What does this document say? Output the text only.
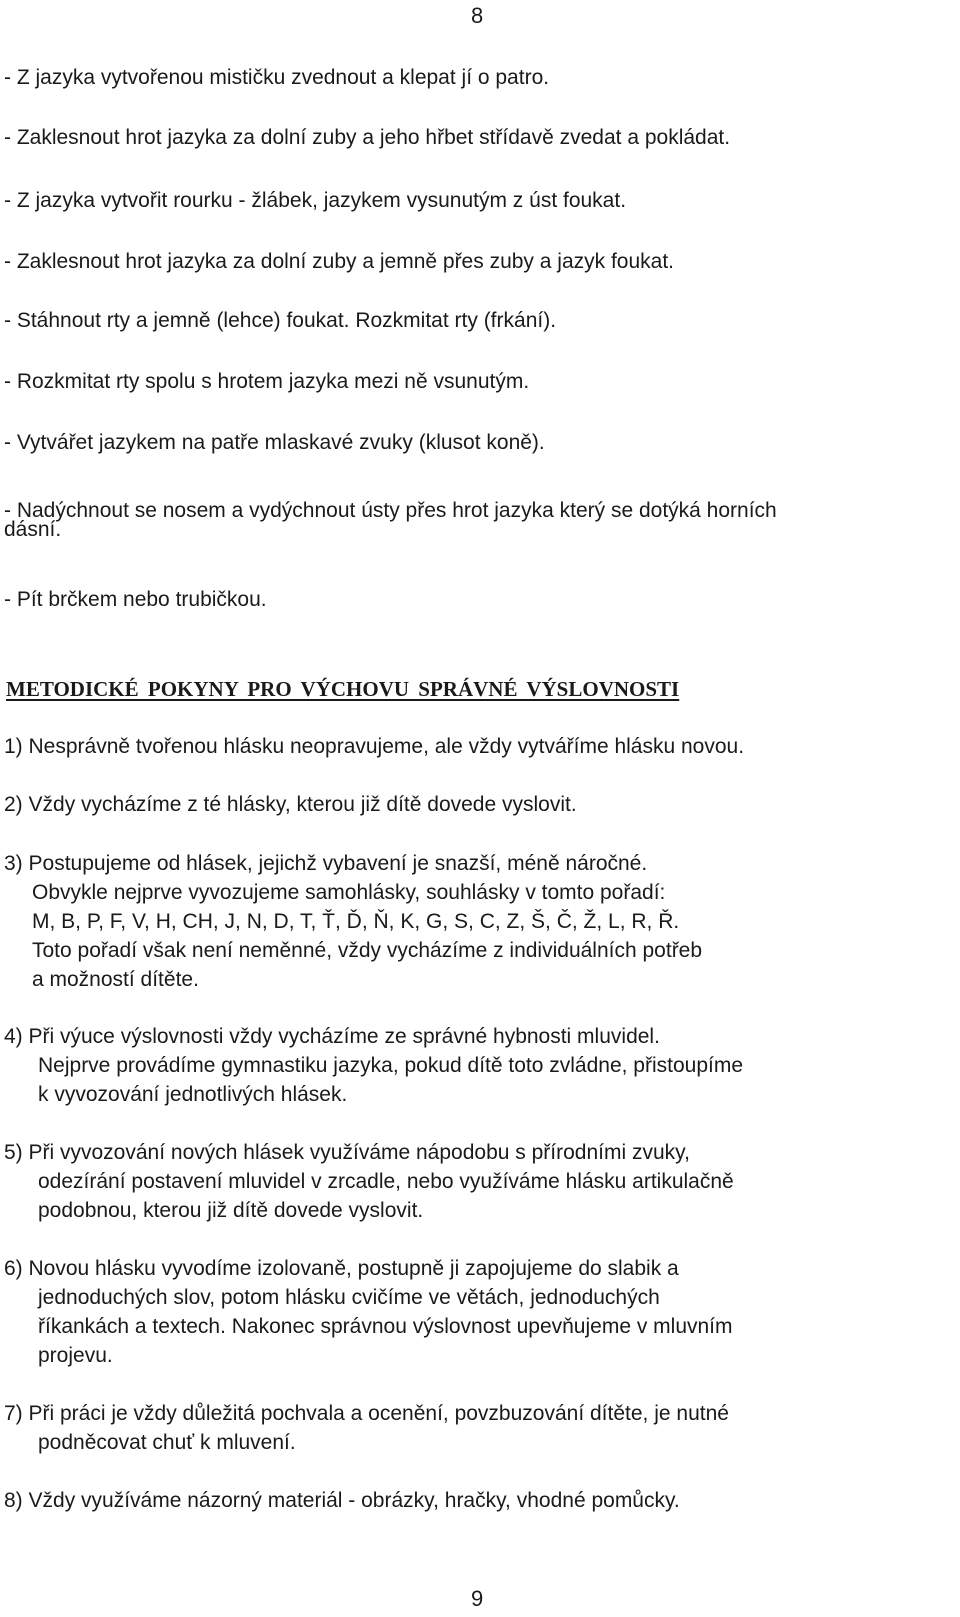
8
- Z jazyka vytvořenou mističku zvednout a klepat jí o patro.
- Zaklesnout hrot jazyka za dolní zuby a jeho hřbet střídavě zvedat a pokládat.
- Z jazyka vytvořit rourku - žlábek, jazykem vysunutým z úst foukat.
- Zaklesnout hrot jazyka za dolní zuby a jemně přes zuby a jazyk foukat.
- Stáhnout rty a jemně (lehce) foukat. Rozkmitat rty (frkání).
- Rozkmitat rty spolu s hrotem jazyka mezi ně vsunutým.
- Vytvářet jazykem na patře mlaskavé zvuky (klusot koně).
- Nadýchnout se nosem a vydýchnout ústy přes hrot jazyka který se dotýká horních
dásní.
- Pít brčkem nebo trubičkou.
METODICKÉ POKYNY PRO VÝCHOVU SPRÁVNÉ VÝSLOVNOSTI
1) Nesprávně tvořenou hlásku neopravujeme, ale vždy vytváříme hlásku novou.
2) Vždy vycházíme z té hlásky, kterou již dítě dovede vyslovit.
3) Postupujeme od hlásek, jejichž vybavení je snazší, méně náročné.
Obvykle nejprve vyvozujeme samohlásky, souhlásky v tomto pořadí:
M, B, P, F, V, H, CH, J, N, D, T, Ť, Ď, Ň, K, G, S, C, Z, Š, Č, Ž, L, R, Ř.
Toto pořadí však není neměnné, vždy vycházíme z individuálních potřeb
a možností dítěte.
4) Při výuce výslovnosti vždy vycházíme ze správné hybnosti mluvidel.
Nejprve provádíme gymnastiku jazyka, pokud dítě toto zvládne, přistoupíme
k vyvozování jednotlivých hlásek.
5) Při vyvozování nových hlásek využíváme nápodobu s přírodními zvuky,
odezírání postavení mluvidel v zrcadle, nebo využíváme hlásku artikulačně
podobnou, kterou již dítě dovede vyslovit.
6) Novou hlásku vyvodíme izolovaně, postupně ji zapojujeme do slabik a
jednoduchých slov, potom hlásku cvičíme ve větách, jednoduchých
říkankách a textech. Nakonec správnou výslovnost upevňujeme v mluvním
projevu.
7) Při práci je vždy důležitá pochvala a ocenění, povzbuzování dítěte, je nutné
podněcovat chuť k mluvení.
8) Vždy využíváme názorný materiál - obrázky, hračky, vhodné pomůcky.
9
